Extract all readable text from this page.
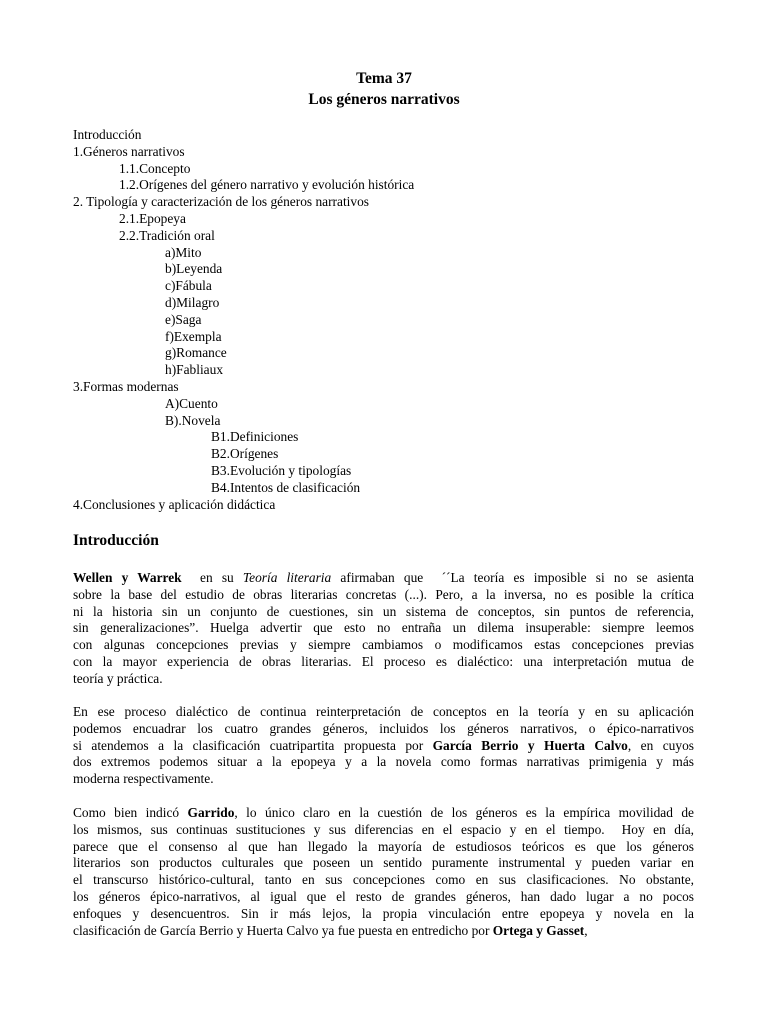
Tema 37
Los géneros narrativos
Introducción
1.Géneros narrativos
1.1.Concepto
1.2.Orígenes del género narrativo y evolución histórica
2. Tipología y caracterización de los géneros narrativos
2.1.Epopeya
2.2.Tradición oral
a)Mito
b)Leyenda
c)Fábula
d)Milagro
e)Saga
f)Exempla
g)Romance
h)Fabliaux
3.Formas modernas
A)Cuento
B).Novela
B1.Definiciones
B2.Orígenes
B3.Evolución y tipologías
B4.Intentos de clasificación
4.Conclusiones y aplicación didáctica
Introducción
Wellen y Warrek  en su Teoría literaria afirmaban que  ´´La teoría es imposible si no se asienta
sobre la base del estudio de obras literarias concretas (...). Pero, a la inversa, no es posible la crítica
ni la historia sin un conjunto de cuestiones, sin un sistema de conceptos, sin puntos de referencia,
sin generalizaciones”. Huelga advertir que esto no entraña un dilema insuperable: siempre leemos
con algunas concepciones previas y siempre cambiamos o modificamos estas concepciones previas
con la mayor experiencia de obras literarias. El proceso es dialéctico: una interpretación mutua de
teoría y práctica.
En ese proceso dialéctico de continua reinterpretación de conceptos en la teoría y en su aplicación
podemos encuadrar los cuatro grandes géneros, incluidos los géneros narrativos, o épico-narrativos
si atendemos a la clasificación cuatripartita propuesta por García Berrio y Huerta Calvo, en cuyos
dos extremos podemos situar a la epopeya y a la novela como formas narrativas primigenia y más
moderna respectivamente.
Como bien indicó Garrido, lo único claro en la cuestión de los géneros es la empírica movilidad de
los mismos, sus continuas sustituciones y sus diferencias en el espacio y en el tiempo.  Hoy en día,
parece que el consenso al que han llegado la mayoría de estudiosos teóricos es que los géneros
literarios son productos culturales que poseen un sentido puramente instrumental y pueden variar en
el transcurso histórico-cultural, tanto en sus concepciones como en sus clasificaciones. No obstante,
los géneros épico-narrativos, al igual que el resto de grandes géneros, han dado lugar a no pocos
enfoques y desencuentros. Sin ir más lejos, la propia vinculación entre epopeya y novela en la
clasificación de García Berrio y Huerta Calvo ya fue puesta en entredicho por Ortega y Gasset,
